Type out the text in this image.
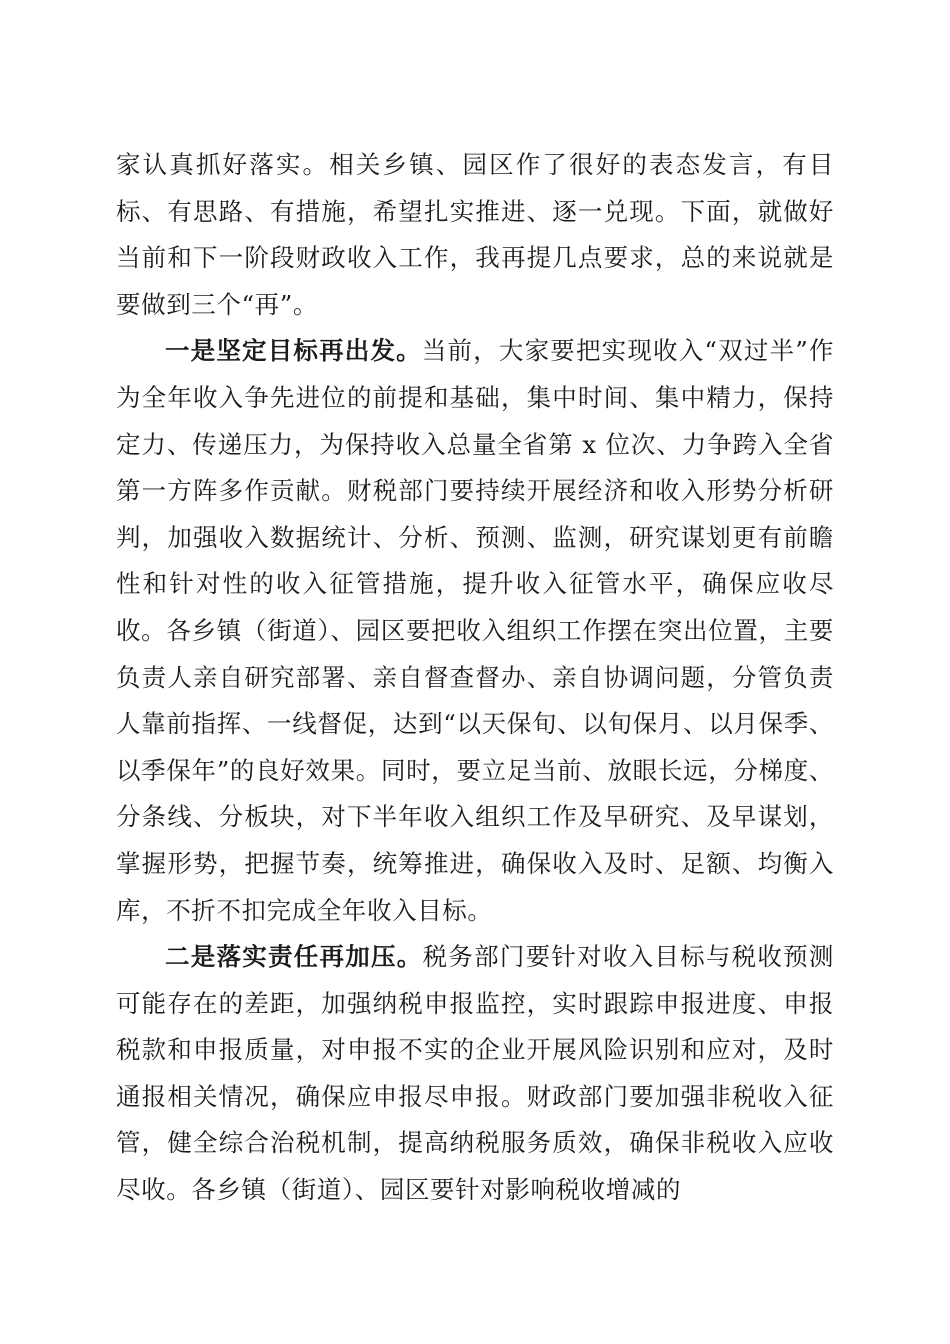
家认真抓好落实。相关乡镇、园区作了很好的表态发言，有目标、有思路、有措施，希望扎实推进、逐一兑现。下面，就做好当前和下一阶段财政收入工作，我再提几点要求，总的来说就是要做到三个“再”。

一是坚定目标再出发。当前，大家要把实现收入“双过半”作为全年收入争先进位的前提和基础，集中时间、集中精力，保持定力、传递压力，为保持收入总量全省第 x 位次、力争跨入全省第一方阵多作贡献。财税部门要持续开展经济和收入形势分析研判，加强收入数据统计、分析、预测、监测，研究谋划更有前瞻性和针对性的收入征管措施，提升收入征管水平，确保应收尽收。各乡镇（街道）、园区要把收入组织工作摆在突出位置，主要负责人亲自研究部署、亲自督查督办、亲自协调问题，分管负责人靠前指挥、一线督促，达到“以天保旬、以旬保月、以月保季、以季保年”的良好效果。同时，要立足当前、放眼长远，分梯度、分条线、分板块，对下半年收入组织工作及早研究、及早谋划，掌握形势，把握节奏，统筹推进，确保收入及时、足额、均衡入库，不折不扣完成全年收入目标。

二是落实责任再加压。税务部门要针对收入目标与税收预测可能存在的差距，加强纳税申报监控，实时跟踪申报进度、申报税款和申报质量，对申报不实的企业开展风险识别和应对，及时通报相关情况，确保应申报尽申报。财政部门要加强非税收入征管，健全综合治税机制，提高纳税服务质效，确保非税收入应收尽收。各乡镇（街道）、园区要针对影响税收增减的
